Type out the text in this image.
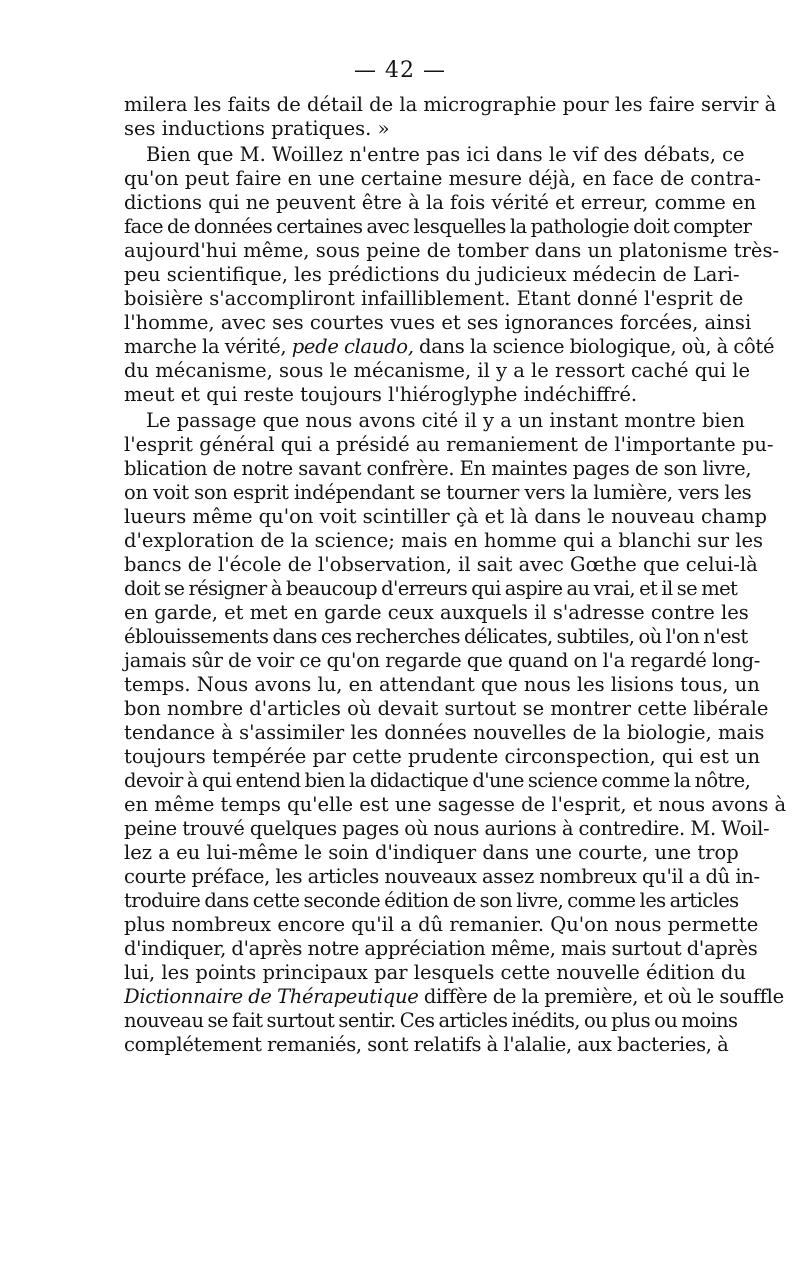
— 42 —
milera les faits de détail de la micrographie pour les faire servir à
ses inductions pratiques. »
Bien que M. Woillez n'entre pas ici dans le vif des débats, ce
qu'on peut faire en une certaine mesure déjà, en face de contra-
dictions qui ne peuvent être à la fois vérité et erreur, comme en
face de données certaines avec lesquelles la pathologie doit compter
aujourd'hui même, sous peine de tomber dans un platonisme très-
peu scientifique, les prédictions du judicieux médecin de Lari-
boisière s'accompliront infailliblement. Etant donné l'esprit de
l'homme, avec ses courtes vues et ses ignorances forcées, ainsi
marche la vérité, pede claudo, dans la science biologique, où, à côté
du mécanisme, sous le mécanisme, il y a le ressort caché qui le
meut et qui reste toujours l'hiéroglyphe indéchiffré.
Le passage que nous avons cité il y a un instant montre bien
l'esprit général qui a présidé au remaniement de l'importante pu-
blication de notre savant confrère. En maintes pages de son livre,
on voit son esprit indépendant se tourner vers la lumière, vers les
lueurs même qu'on voit scintiller çà et là dans le nouveau champ
d'exploration de la science; mais en homme qui a blanchi sur les
bancs de l'école de l'observation, il sait avec Gœthe que celui-là
doit se résigner à beaucoup d'erreurs qui aspire au vrai, et il se met
en garde, et met en garde ceux auxquels il s'adresse contre les
éblouissements dans ces recherches délicates, subtiles, où l'on n'est
jamais sûr de voir ce qu'on regarde que quand on l'a regardé long-
temps. Nous avons lu, en attendant que nous les lisions tous, un
bon nombre d'articles où devait surtout se montrer cette libérale
tendance à s'assimiler les données nouvelles de la biologie, mais
toujours tempérée par cette prudente circonspection, qui est un
devoir à qui entend bien la didactique d'une science comme la nôtre,
en même temps qu'elle est une sagesse de l'esprit, et nous avons à
peine trouvé quelques pages où nous aurions à contredire. M. Woil-
lez a eu lui-même le soin d'indiquer dans une courte, une trop
courte préface, les articles nouveaux assez nombreux qu'il a dû in-
troduire dans cette seconde édition de son livre, comme les articles
plus nombreux encore qu'il a dû remanier. Qu'on nous permette
d'indiquer, d'après notre appréciation même, mais surtout d'après
lui, les points principaux par lesquels cette nouvelle édition du
Dictionnaire de Thérapeutique diffère de la première, et où le souffle
nouveau se fait surtout sentir. Ces articles inédits, ou plus ou moins
complétement remaniés, sont relatifs à l'alalie, aux bacteries, à
